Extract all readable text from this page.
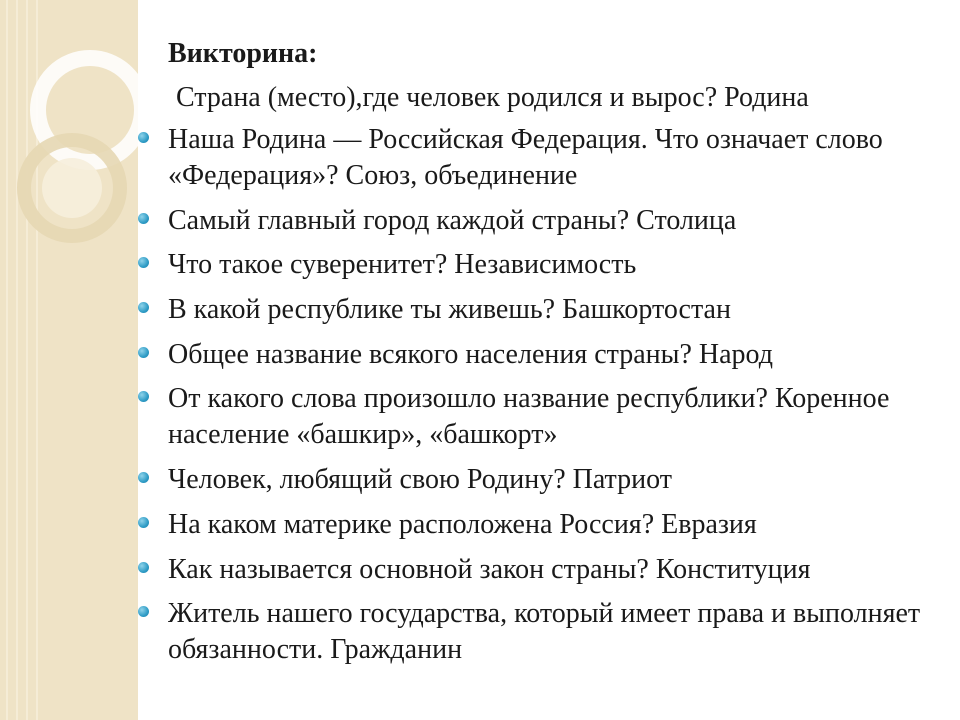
Викторина:
Страна (место),где человек родился и вырос? Родина
Наша Родина — Российская Федерация. Что означает слово «Федерация»? Союз, объединение
Самый главный город каждой страны? Столица
Что такое суверенитет? Независимость
В какой республике ты живешь? Башкортостан
Общее название всякого населения страны? Народ
От какого слова произошло название республики? Коренное население «башкир», «башкорт»
Человек, любящий свою Родину? Патриот
На каком материке расположена Россия? Евразия
Как называется основной закон страны? Конституция
Житель нашего государства, который имеет права и выполняет обязанности. Гражданин
